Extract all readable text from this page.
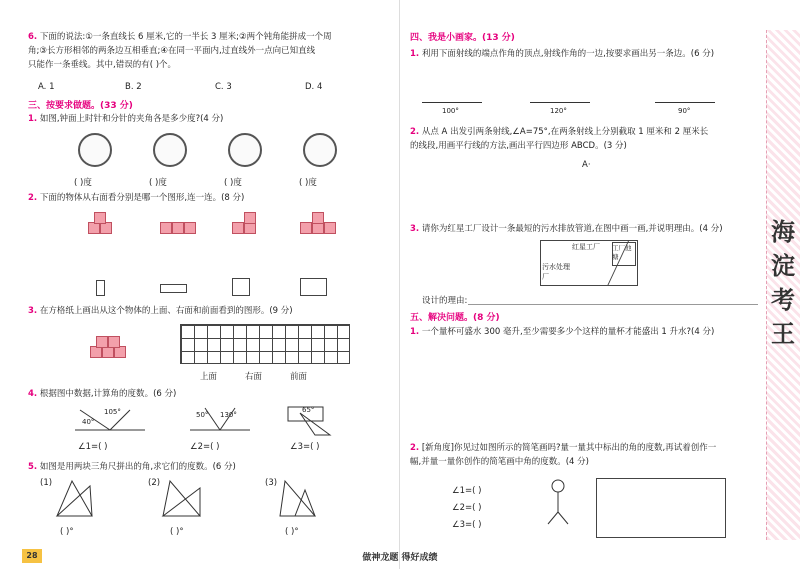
6. 下面的说法:①一条直线长 6 厘米,它的一半长 3 厘米;②两个钝角能拼成一个周
角;③长方形相邻的两条边互相垂直;④在同一平面内,过直线外一点向已知直线
只能作一条垂线。其中,错误的有( )个。
A. 1	B. 2	C. 3	D. 4
三、按要求做题。(33 分)
1. 如图,钟面上时针和分针的夹角各是多少度?(4 分)
( )度	( )度	( )度	( )度
2. 下面的物体从右面看分别是哪一个图形,连一连。(8 分)
3. 在方格纸上画出从这个物体的上面、右面和前面看到的图形。(9 分)
上面	右面	前面
4. 根据图中数据,计算角的度数。(6 分)
105°
40°
50° 130°
65°
∠1=( )	∠2=( )	∠3=( )
5. 如图是用两块三角尺拼出的角,求它们的度数。(6 分)
(1)	(2)	(3)
( )°	( )°	( )°
28
四、我是小画家。(13 分)
1. 利用下面射线的端点作角的顶点,射线作角的一边,按要求画出另一条边。(6 分)
100°	120°	90°
2. 从点 A 出发引两条射线,∠A=75°,在两条射线上分别截取 1 厘米和 2 厘米长
的线段,用画平行线的方法,画出平行四边形 ABCD。(3 分)
A·
3. 请你为红星工厂设计一条最短的污水排放管道,在图中画一画,并说明理由。(4 分)
红星工厂 工厂池塘
污水处理厂
设计的理由:
五、解决问题。(8 分)
1. 一个量杯可盛水 300 毫升,至少需要多少个这样的量杯才能盛出 1 升水?(4 分)
2. [新角度]你见过如图所示的简笔画吗?量一量其中标出的角的度数,再试着创作一
幅,并量一量你创作的简笔画中角的度数。(4 分)
∠1=( )
∠2=( )
∠3=( )
海淀考王
做神龙题 得好成绩
